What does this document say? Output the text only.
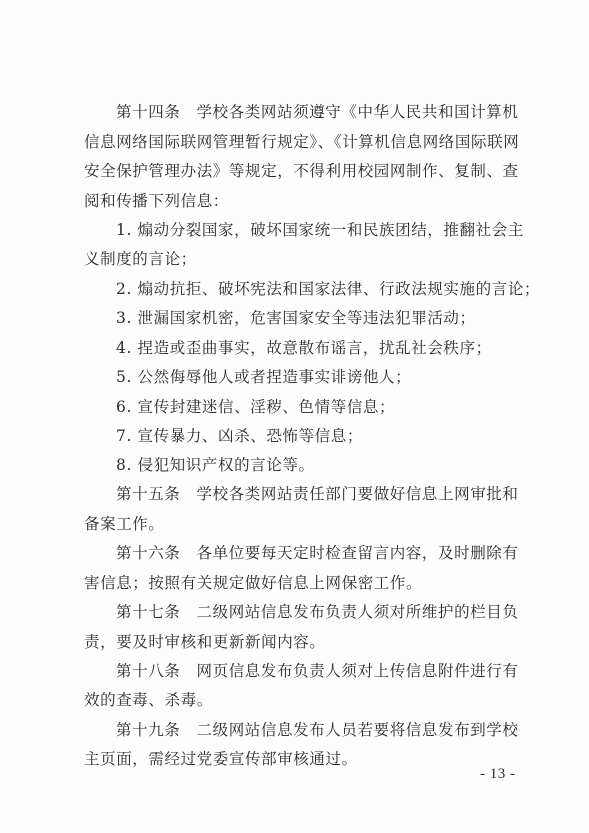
第十四条　学校各类网站须遵守《中华人民共和国计算机
信息网络国际联网管理暂行规定》、《计算机信息网络国际联网
安全保护管理办法》等规定，不得利用校园网制作、复制、查
阅和传播下列信息：
1. 煽动分裂国家，破坏国家统一和民族团结，推翻社会主
义制度的言论；
2. 煽动抗拒、破坏宪法和国家法律、行政法规实施的言论；
3. 泄漏国家机密，危害国家安全等违法犯罪活动；
4. 捏造或歪曲事实，故意散布谣言，扰乱社会秩序；
5. 公然侮辱他人或者捏造事实诽谤他人；
6. 宣传封建迷信、淫秽、色情等信息；
7. 宣传暴力、凶杀、恐怖等信息；
8. 侵犯知识产权的言论等。
第十五条　学校各类网站责任部门要做好信息上网审批和
备案工作。
第十六条　各单位要每天定时检查留言内容，及时删除有
害信息；按照有关规定做好信息上网保密工作。
第十七条　二级网站信息发布负责人须对所维护的栏目负
责，要及时审核和更新新闻内容。
第十八条　网页信息发布负责人须对上传信息附件进行有
效的查毒、杀毒。
第十九条　二级网站信息发布人员若要将信息发布到学校
主页面，需经过党委宣传部审核通过。
- 13 -
